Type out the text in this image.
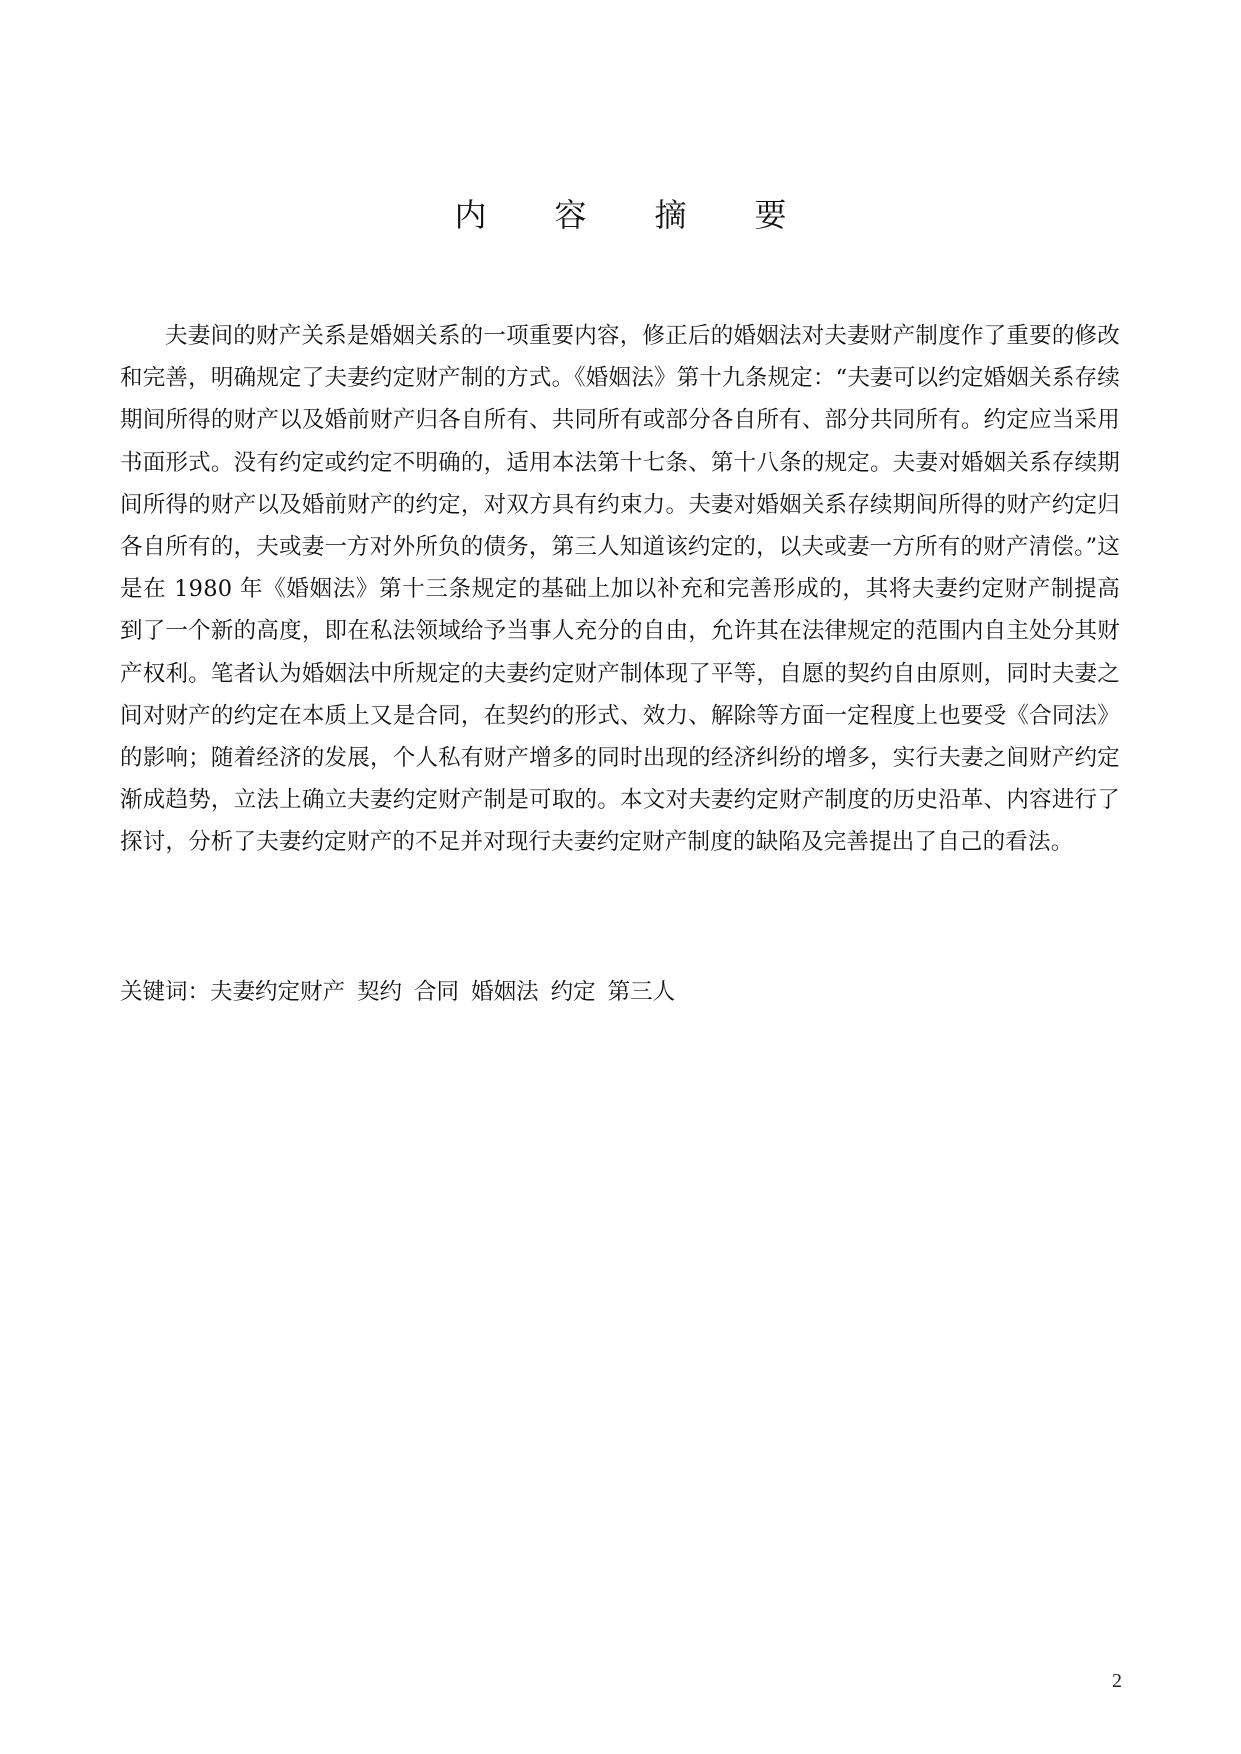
内 容 摘 要

夫妻间的财产关系是婚姻关系的一项重要内容，修正后的婚姻法对夫妻财产制度作了重要的修改和完善，明确规定了夫妻约定财产制的方式。《婚姻法》第十九条规定：“夫妻可以约定婚姻关系存续期间所得的财产以及婚前财产归各自所有、共同所有或部分各自所有、部分共同所有。约定应当采用书面形式。没有约定或约定不明确的，适用本法第十七条、第十八条的规定。夫妻对婚姻关系存续期间所得的财产以及婚前财产的约定，对双方具有约束力。夫妻对婚姻关系存续期间所得的财产约定归各自所有的，夫或妻一方对外所负的债务，第三人知道该约定的，以夫或妻一方所有的财产清偿。”这是在 1980 年《婚姻法》第十三条规定的基础上加以补充和完善形成的，其将夫妻约定财产制提高到了一个新的高度，即在私法领域给予当事人充分的自由，允许其在法律规定的范围内自主处分其财产权利。笔者认为婚姻法中所规定的夫妻约定财产制体现了平等，自愿的契约自由原则，同时夫妻之间对财产的约定在本质上又是合同，在契约的形式、效力、解除等方面一定程度上也要受《合同法》的影响；随着经济的发展，个人私有财产增多的同时出现的经济纠纷的增多，实行夫妻之间财产约定渐成趋势，立法上确立夫妻约定财产制是可取的。本文对夫妻约定财产制度的历史沿革、内容进行了探讨，分析了夫妻约定财产的不足并对现行夫妻约定财产制度的缺陷及完善提出了自己的看法。

关键词：夫妻约定财产 契约 合同 婚姻法 约定 第三人

2
